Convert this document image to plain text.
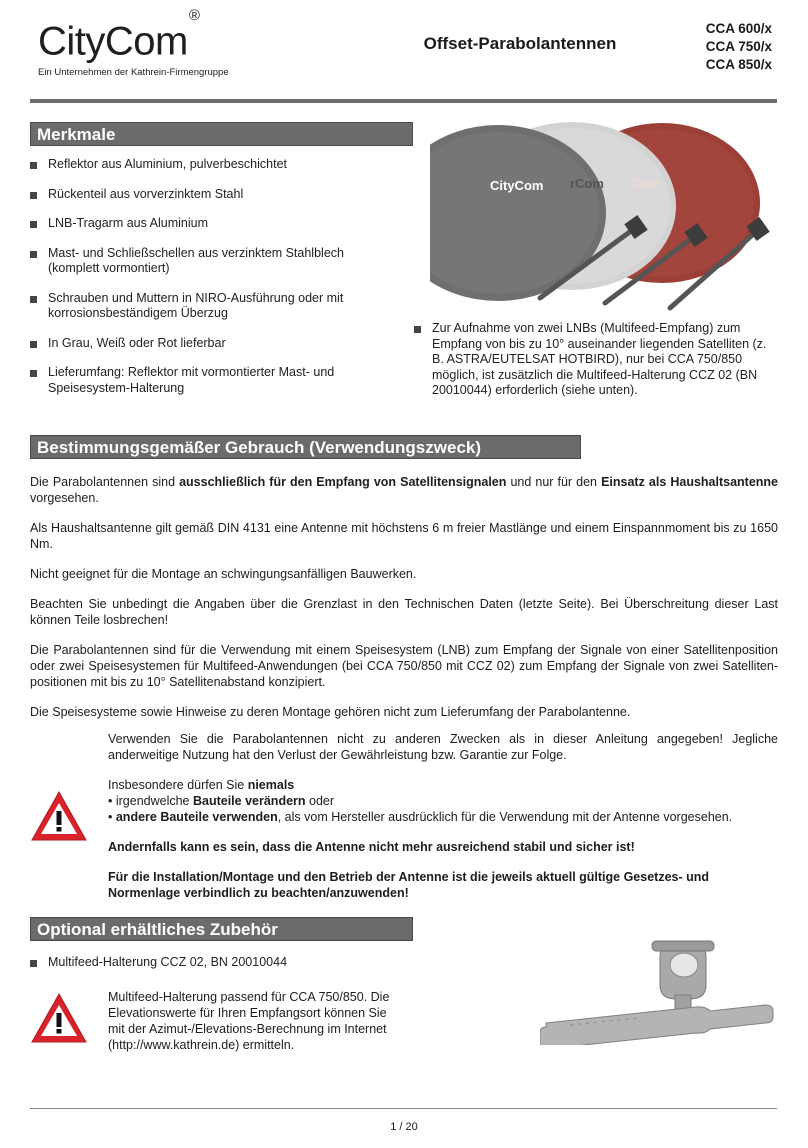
CityCom®
Ein Unternehmen der Kathrein-Firmengruppe
Offset-Parabolantennen
CCA 600/x
CCA 750/x
CCA 850/x
Merkmale
Reflektor aus Aluminium, pulverbeschichtet
Rückenteil aus vorverzinktem Stahl
LNB-Tragarm aus Aluminium
Mast- und Schließschellen aus verzinktem Stahlblech (komplett vormontiert)
Schrauben und Muttern in NIRO-Ausführung oder mit korrosionsbeständigem Überzug
In Grau, Weiß oder Rot lieferbar
Lieferumfang: Reflektor mit vormontierter Mast- und Speisesystem-Halterung
CityCom rCom Com
Zur Aufnahme von zwei LNBs (Multifeed-Empfang) zum Empfang von bis zu 10° auseinander liegenden Satelliten (z. B. ASTRA/EUTELSAT HOTBIRD), nur bei CCA 750/850 möglich, ist zusätzlich die Multifeed-Halterung CCZ 02 (BN 20010044) erforderlich (siehe unten).
Bestimmungsgemäßer Gebrauch (Verwendungszweck)
Die Parabolantennen sind ausschließlich für den Empfang von Satellitensignalen und nur für den Einsatz als Haushaltsantenne vorgesehen.
Als Haushaltsantenne gilt gemäß DIN 4131 eine Antenne mit höchstens 6 m freier Mastlänge und einem Einspannmoment bis zu 1650 Nm.
Nicht geeignet für die Montage an schwingungsanfälligen Bauwerken.
Beachten Sie unbedingt die Angaben über die Grenzlast in den Technischen Daten (letzte Seite). Bei Überschreitung dieser Last können Teile losbrechen!
Die Parabolantennen sind für die Verwendung mit einem Speisesystem (LNB) zum Empfang der Signale von einer Satellitenposition oder zwei Speisesystemen für Multifeed-Anwendungen (bei CCA 750/850 mit CCZ 02) zum Empfang der Signale von zwei Satelliten-positionen mit bis zu 10° Satellitenabstand konzipiert.
Die Speisesysteme sowie Hinweise zu deren Montage gehören nicht zum Lieferumfang der Parabolantenne.
Verwenden Sie die Parabolantennen nicht zu anderen Zwecken als in dieser Anleitung angegeben! Jegliche anderweitige Nutzung hat den Verlust der Gewährleistung bzw. Garantie zur Folge.
Insbesondere dürfen Sie niemals
• irgendwelche Bauteile verändern oder
• andere Bauteile verwenden, als vom Hersteller ausdrücklich für die Verwendung mit der Antenne vorgesehen.
Andernfalls kann es sein, dass die Antenne nicht mehr ausreichend stabil und sicher ist!
Für die Installation/Montage und den Betrieb der Antenne ist die jeweils aktuell gültige Gesetzes- und Normenlage verbindlich zu beachten/anzuwenden!
Optional erhältliches Zubehör
Multifeed-Halterung CCZ 02, BN 20010044
Multifeed-Halterung passend für CCA 750/850. Die Elevationswerte für Ihren Empfangsort können Sie mit der Azimut-/Elevations-Berechnung im Internet (http://www.kathrein.de) ermitteln.
1 / 20
